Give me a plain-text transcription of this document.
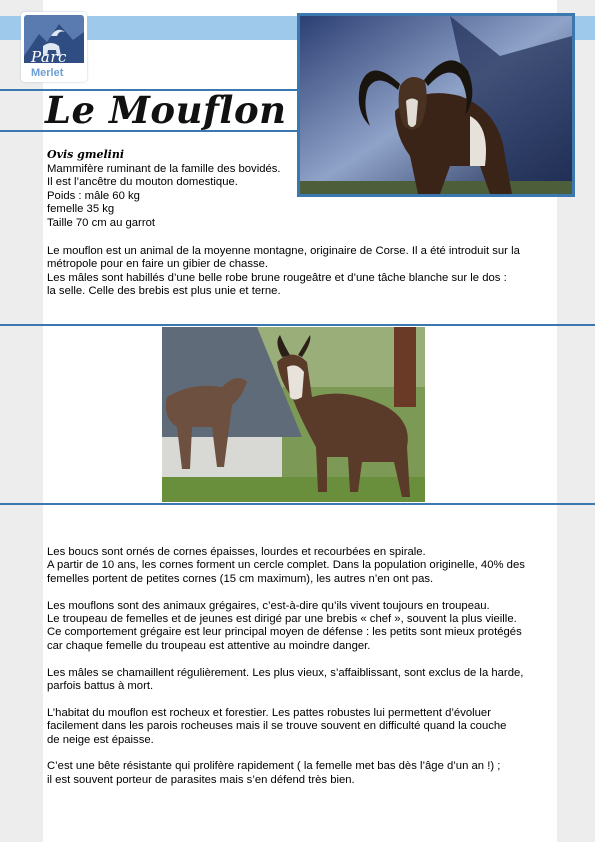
Parc
Merlet
Le Mouflon
Ovis gmelini
Mammifère ruminant de la famille des bovidés.
Il est l’ancêtre du mouton domestique.
Poids : mâle 60 kg
femelle 35 kg
Taille 70 cm au garrot
Le mouflon est un animal de la moyenne montagne, originaire de Corse. Il a été introduit sur la
métropole pour en faire un gibier de chasse.
Les mâles sont habillés d’une belle robe brune rougeâtre et d’une tâche blanche sur le dos :
la selle. Celle des brebis est plus unie et terne.
Les boucs sont ornés de cornes épaisses, lourdes et recourbées en spirale.
A partir de 10 ans, les cornes forment un cercle complet. Dans la population originelle, 40% des
femelles portent de petites cornes (15 cm maximum), les autres n’en ont pas.
Les mouflons sont des animaux grégaires, c’est-à-dire qu’ils vivent toujours en troupeau.
Le troupeau de femelles et de jeunes est dirigé par une brebis « chef », souvent la plus vieille.
Ce comportement grégaire est leur principal moyen de défense : les petits sont mieux protégés
car chaque femelle du troupeau est attentive au moindre danger.
Les mâles se chamaillent régulièrement. Les plus vieux, s’affaiblissant, sont exclus de la harde,
parfois battus à mort.
L’habitat du mouflon est rocheux et forestier. Les pattes robustes lui permettent d’évoluer
facilement dans les parois rocheuses mais il se trouve souvent en difficulté quand la couche
de neige est épaisse.
C’est une bête résistante qui prolifère rapidement ( la femelle met bas dès l’âge d’un an !) ;
il est souvent porteur de parasites mais s’en défend très bien.
